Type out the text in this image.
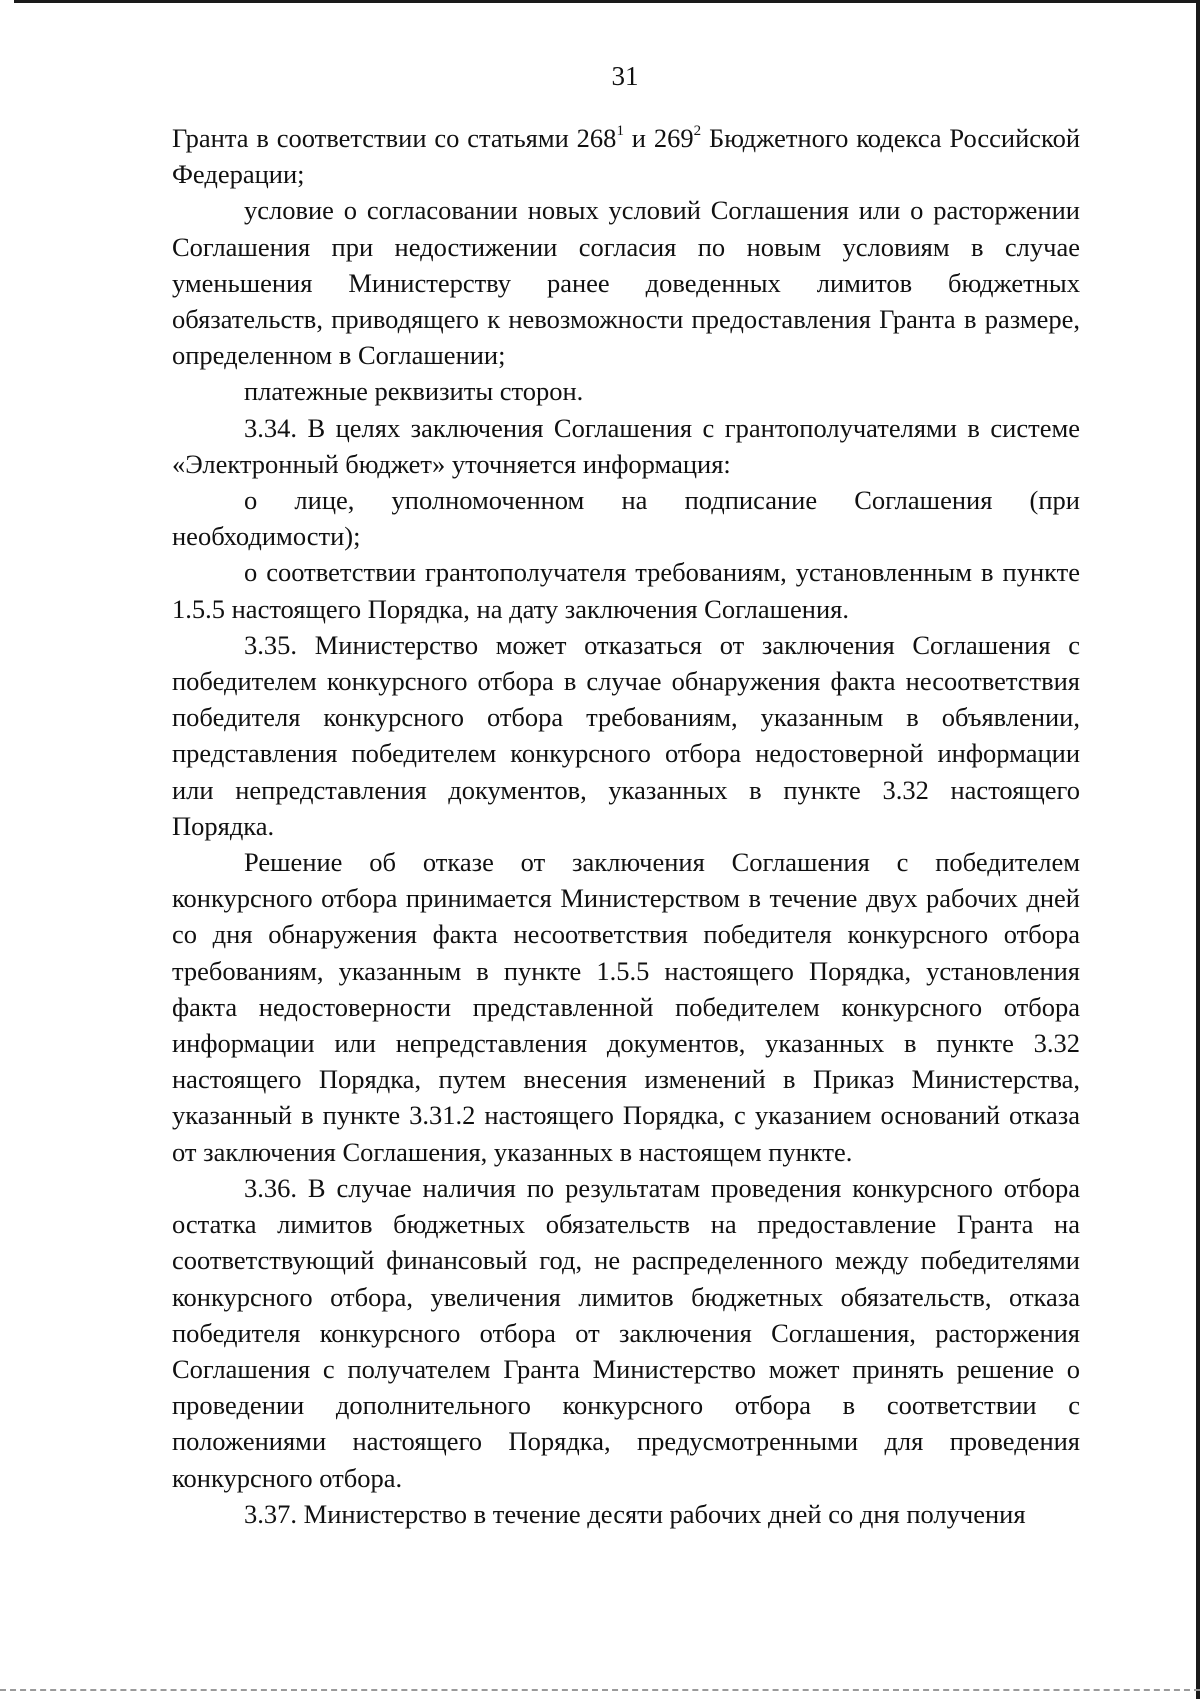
31

Гранта в соответствии со статьями $268^1$ и $269^2$ Бюджетного кодекса Российской Федерации;

условие о согласовании новых условий Соглашения или о расторжении Соглашения при недостижении согласия по новым условиям в случае уменьшения Министерству ранее доведенных лимитов бюджетных обязательств, приводящего к невозможности предоставления Гранта в размере, определенном в Соглашении;

платежные реквизиты сторон.

3.34. В целях заключения Соглашения с грантополучателями в системе «Электронный бюджет» уточняется информация:

о лице, уполномоченном на подписание Соглашения (при необходимости);

о соответствии грантополучателя требованиям, установленным в пункте 1.5.5 настоящего Порядка, на дату заключения Соглашения.

3.35. Министерство может отказаться от заключения Соглашения с победителем конкурсного отбора в случае обнаружения факта несоответствия победителя конкурсного отбора требованиям, указанным в объявлении, представления победителем конкурсного отбора недостоверной информации или непредставления документов, указанных в пункте 3.32 настоящего Порядка.

Решение об отказе от заключения Соглашения с победителем конкурсного отбора принимается Министерством в течение двух рабочих дней со дня обнаружения факта несоответствия победителя конкурсного отбора требованиям, указанным в пункте 1.5.5 настоящего Порядка, установления факта недостоверности представленной победителем конкурсного отбора информации или непредставления документов, указанных в пункте 3.32 настоящего Порядка, путем внесения изменений в Приказ Министерства, указанный в пункте 3.31.2 настоящего Порядка, с указанием оснований отказа от заключения Соглашения, указанных в настоящем пункте.

3.36. В случае наличия по результатам проведения конкурсного отбора остатка лимитов бюджетных обязательств на предоставление Гранта на соответствующий финансовый год, не распределенного между победителями конкурсного отбора, увеличения лимитов бюджетных обязательств, отказа победителя конкурсного отбора от заключения Соглашения, расторжения Соглашения с получателем Гранта Министерство может принять решение о проведении дополнительного конкурсного отбора в соответствии с положениями настоящего Порядка, предусмотренными для проведения конкурсного отбора.

3.37. Министерство в течение десяти рабочих дней со дня получения
